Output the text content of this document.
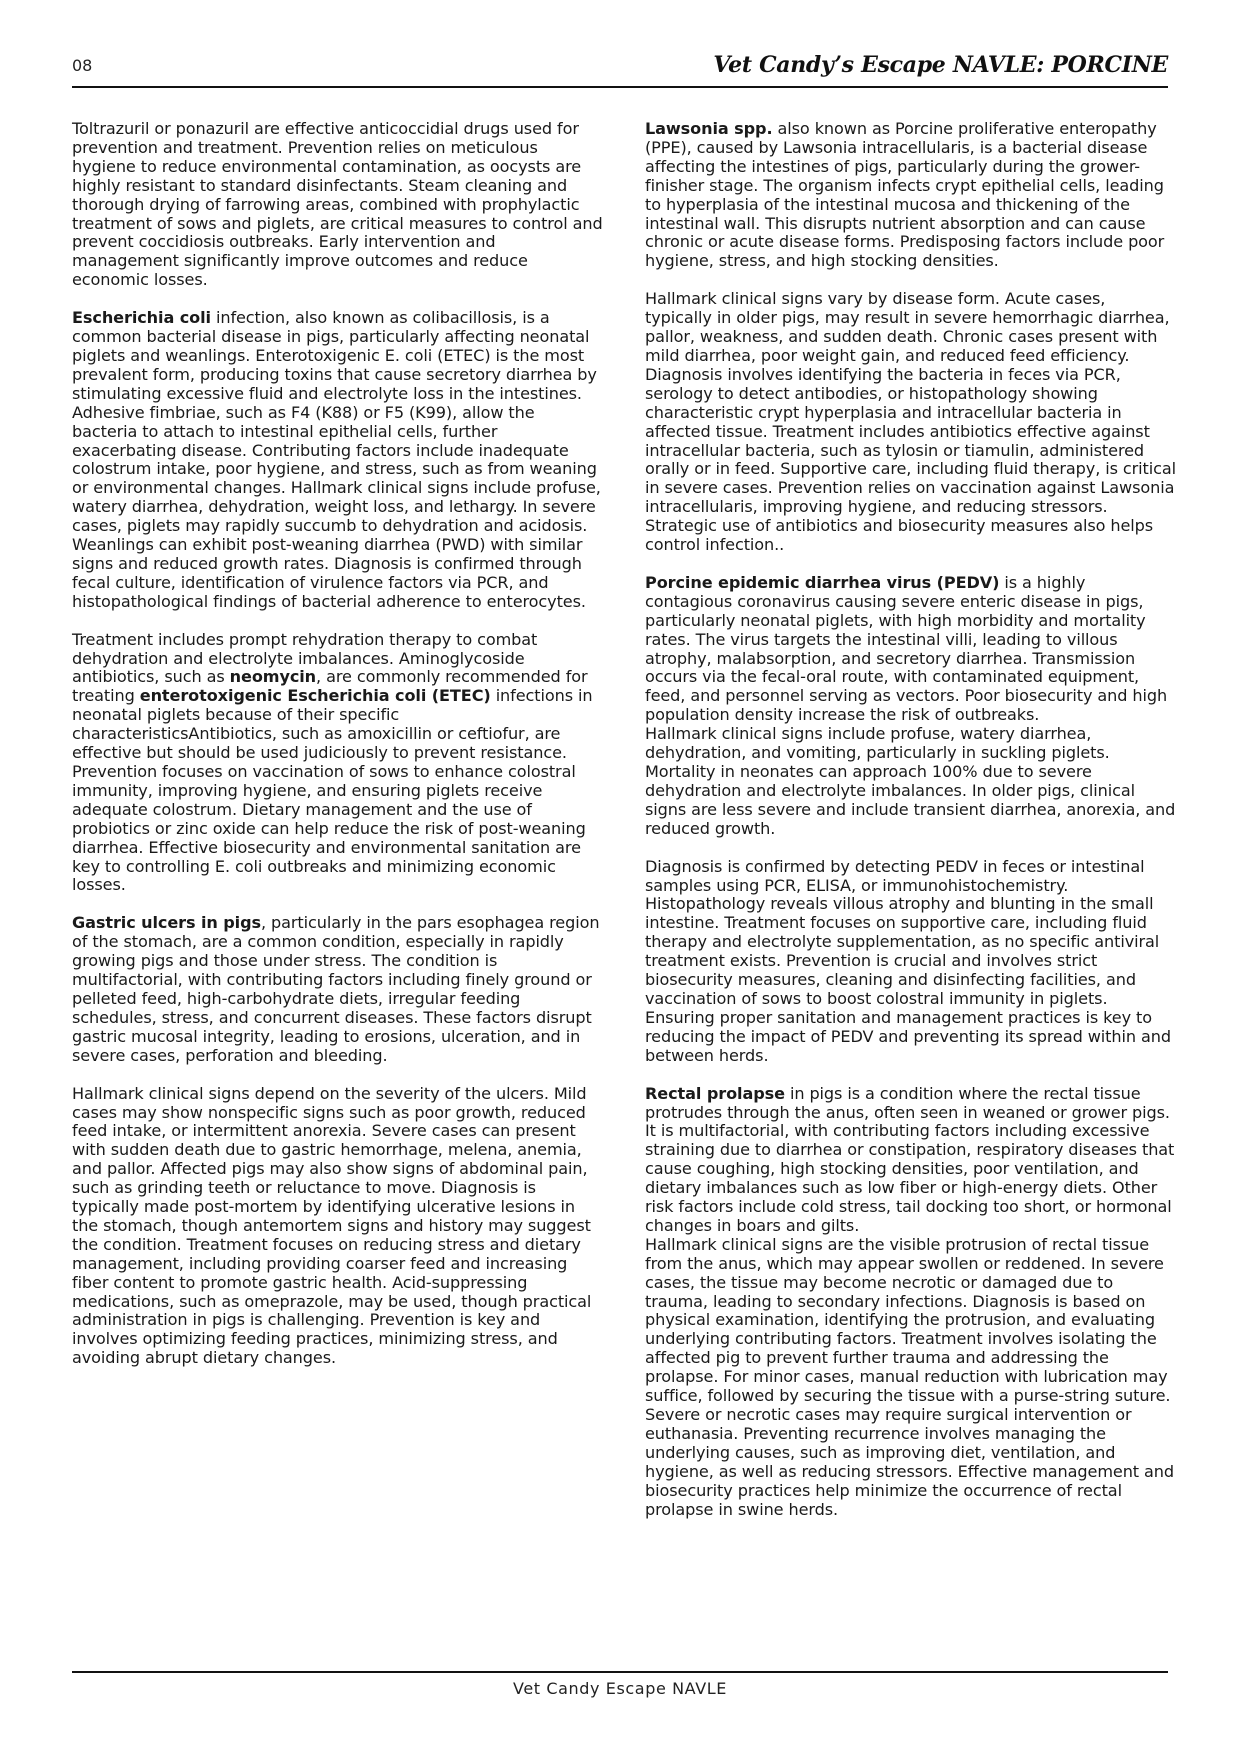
08	Vet Candy’s Escape NAVLE: PORCINE

Toltrazuril or ponazuril are effective anticoccidial drugs used for prevention and treatment. Prevention relies on meticulous hygiene to reduce environmental contamination, as oocysts are highly resistant to standard disinfectants. Steam cleaning and thorough drying of farrowing areas, combined with prophylactic treatment of sows and piglets, are critical measures to control and prevent coccidiosis outbreaks. Early intervention and management significantly improve outcomes and reduce economic losses.

Escherichia coli infection, also known as colibacillosis, is a common bacterial disease in pigs, particularly affecting neonatal piglets and weanlings. Enterotoxigenic E. coli (ETEC) is the most prevalent form, producing toxins that cause secretory diarrhea by stimulating excessive fluid and electrolyte loss in the intestines. Adhesive fimbriae, such as F4 (K88) or F5 (K99), allow the bacteria to attach to intestinal epithelial cells, further exacerbating disease. Contributing factors include inadequate colostrum intake, poor hygiene, and stress, such as from weaning or environmental changes. Hallmark clinical signs include profuse, watery diarrhea, dehydration, weight loss, and lethargy. In severe cases, piglets may rapidly succumb to dehydration and acidosis. Weanlings can exhibit post-weaning diarrhea (PWD) with similar signs and reduced growth rates. Diagnosis is confirmed through fecal culture, identification of virulence factors via PCR, and histopathological findings of bacterial adherence to enterocytes.

Treatment includes prompt rehydration therapy to combat dehydration and electrolyte imbalances. Aminoglycoside antibiotics, such as neomycin, are commonly recommended for treating enterotoxigenic Escherichia coli (ETEC) infections in neonatal piglets because of their specific characteristicsAntibiotics, such as amoxicillin or ceftiofur, are effective but should be used judiciously to prevent resistance. Prevention focuses on vaccination of sows to enhance colostral immunity, improving hygiene, and ensuring piglets receive adequate colostrum. Dietary management and the use of probiotics or zinc oxide can help reduce the risk of post-weaning diarrhea. Effective biosecurity and environmental sanitation are key to controlling E. coli outbreaks and minimizing economic losses.

Gastric ulcers in pigs, particularly in the pars esophagea region of the stomach, are a common condition, especially in rapidly growing pigs and those under stress. The condition is multifactorial, with contributing factors including finely ground or pelleted feed, high-carbohydrate diets, irregular feeding schedules, stress, and concurrent diseases. These factors disrupt gastric mucosal integrity, leading to erosions, ulceration, and in severe cases, perforation and bleeding.

Hallmark clinical signs depend on the severity of the ulcers. Mild cases may show nonspecific signs such as poor growth, reduced feed intake, or intermittent anorexia. Severe cases can present with sudden death due to gastric hemorrhage, melena, anemia, and pallor. Affected pigs may also show signs of abdominal pain, such as grinding teeth or reluctance to move. Diagnosis is typically made post-mortem by identifying ulcerative lesions in the stomach, though antemortem signs and history may suggest the condition. Treatment focuses on reducing stress and dietary management, including providing coarser feed and increasing fiber content to promote gastric health. Acid-suppressing medications, such as omeprazole, may be used, though practical administration in pigs is challenging. Prevention is key and involves optimizing feeding practices, minimizing stress, and avoiding abrupt dietary changes.

Lawsonia spp. also known as Porcine proliferative enteropathy (PPE), caused by Lawsonia intracellularis, is a bacterial disease affecting the intestines of pigs, particularly during the grower-finisher stage. The organism infects crypt epithelial cells, leading to hyperplasia of the intestinal mucosa and thickening of the intestinal wall. This disrupts nutrient absorption and can cause chronic or acute disease forms. Predisposing factors include poor hygiene, stress, and high stocking densities.

Hallmark clinical signs vary by disease form. Acute cases, typically in older pigs, may result in severe hemorrhagic diarrhea, pallor, weakness, and sudden death. Chronic cases present with mild diarrhea, poor weight gain, and reduced feed efficiency. Diagnosis involves identifying the bacteria in feces via PCR, serology to detect antibodies, or histopathology showing characteristic crypt hyperplasia and intracellular bacteria in affected tissue. Treatment includes antibiotics effective against intracellular bacteria, such as tylosin or tiamulin, administered orally or in feed. Supportive care, including fluid therapy, is critical in severe cases. Prevention relies on vaccination against Lawsonia intracellularis, improving hygiene, and reducing stressors. Strategic use of antibiotics and biosecurity measures also helps control infection..

Porcine epidemic diarrhea virus (PEDV) is a highly contagious coronavirus causing severe enteric disease in pigs, particularly neonatal piglets, with high morbidity and mortality rates. The virus targets the intestinal villi, leading to villous atrophy, malabsorption, and secretory diarrhea. Transmission occurs via the fecal-oral route, with contaminated equipment, feed, and personnel serving as vectors. Poor biosecurity and high population density increase the risk of outbreaks.

Hallmark clinical signs include profuse, watery diarrhea, dehydration, and vomiting, particularly in suckling piglets. Mortality in neonates can approach 100% due to severe dehydration and electrolyte imbalances. In older pigs, clinical signs are less severe and include transient diarrhea, anorexia, and reduced growth.

Diagnosis is confirmed by detecting PEDV in feces or intestinal samples using PCR, ELISA, or immunohistochemistry. Histopathology reveals villous atrophy and blunting in the small intestine. Treatment focuses on supportive care, including fluid therapy and electrolyte supplementation, as no specific antiviral treatment exists. Prevention is crucial and involves strict biosecurity measures, cleaning and disinfecting facilities, and vaccination of sows to boost colostral immunity in piglets. Ensuring proper sanitation and management practices is key to reducing the impact of PEDV and preventing its spread within and between herds.

Rectal prolapse in pigs is a condition where the rectal tissue protrudes through the anus, often seen in weaned or grower pigs. It is multifactorial, with contributing factors including excessive straining due to diarrhea or constipation, respiratory diseases that cause coughing, high stocking densities, poor ventilation, and dietary imbalances such as low fiber or high-energy diets. Other risk factors include cold stress, tail docking too short, or hormonal changes in boars and gilts.

Hallmark clinical signs are the visible protrusion of rectal tissue from the anus, which may appear swollen or reddened. In severe cases, the tissue may become necrotic or damaged due to trauma, leading to secondary infections. Diagnosis is based on physical examination, identifying the protrusion, and evaluating underlying contributing factors. Treatment involves isolating the affected pig to prevent further trauma and addressing the prolapse. For minor cases, manual reduction with lubrication may suffice, followed by securing the tissue with a purse-string suture. Severe or necrotic cases may require surgical intervention or euthanasia. Preventing recurrence involves managing the underlying causes, such as improving diet, ventilation, and hygiene, as well as reducing stressors. Effective management and biosecurity practices help minimize the occurrence of rectal prolapse in swine herds.

Vet Candy Escape NAVLE
